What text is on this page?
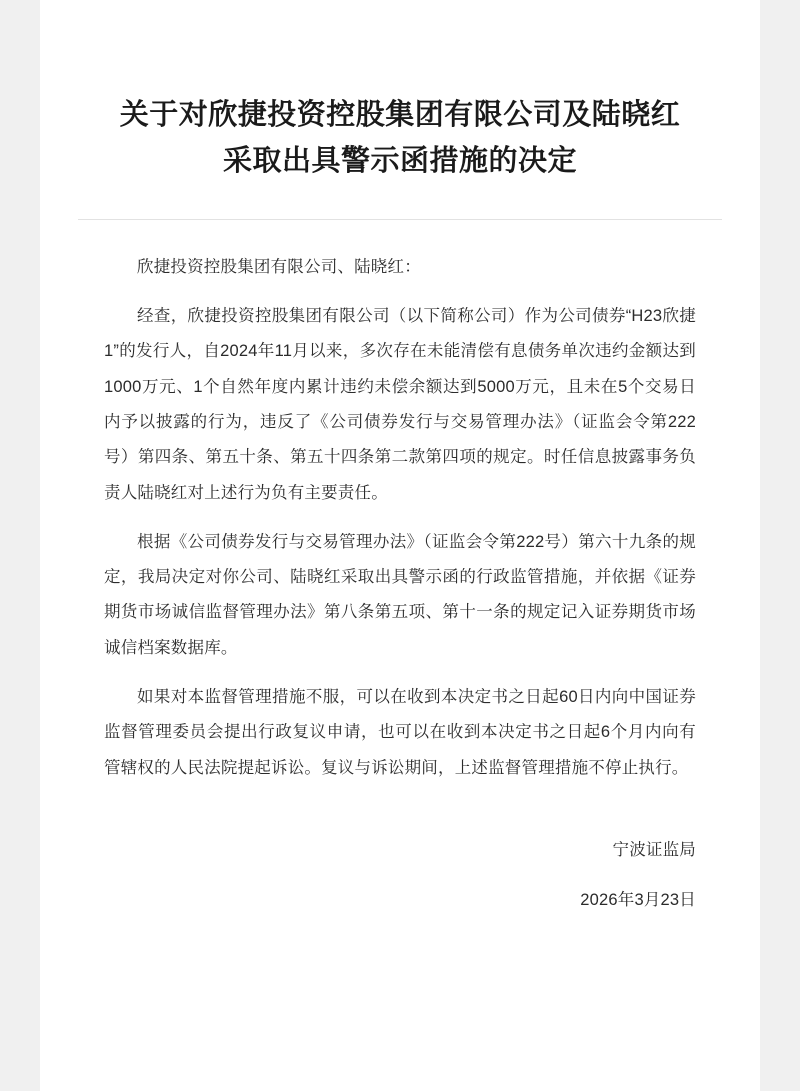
关于对欣捷投资控股集团有限公司及陆晓红采取出具警示函措施的决定

欣捷投资控股集团有限公司、陆晓红：

经查，欣捷投资控股集团有限公司（以下简称公司）作为公司债券“H23欣捷1”的发行人，自2024年11月以来，多次存在未能清偿有息债务单次违约金额达到1000万元、1个自然年度内累计违约未偿余额达到5000万元，且未在5个交易日内予以披露的行为，违反了《公司债券发行与交易管理办法》（证监会令第222号）第四条、第五十条、第五十四条第二款第四项的规定。时任信息披露事务负责人陆晓红对上述行为负有主要责任。

根据《公司债券发行与交易管理办法》（证监会令第222号）第六十九条的规定，我局决定对你公司、陆晓红采取出具警示函的行政监管措施，并依据《证券期货市场诚信监督管理办法》第八条第五项、第十一条的规定记入证券期货市场诚信档案数据库。

如果对本监督管理措施不服，可以在收到本决定书之日起60日内向中国证券监督管理委员会提出行政复议申请，也可以在收到本决定书之日起6个月内向有管辖权的人民法院提起诉讼。复议与诉讼期间，上述监督管理措施不停止执行。

宁波证监局
2026年3月23日
